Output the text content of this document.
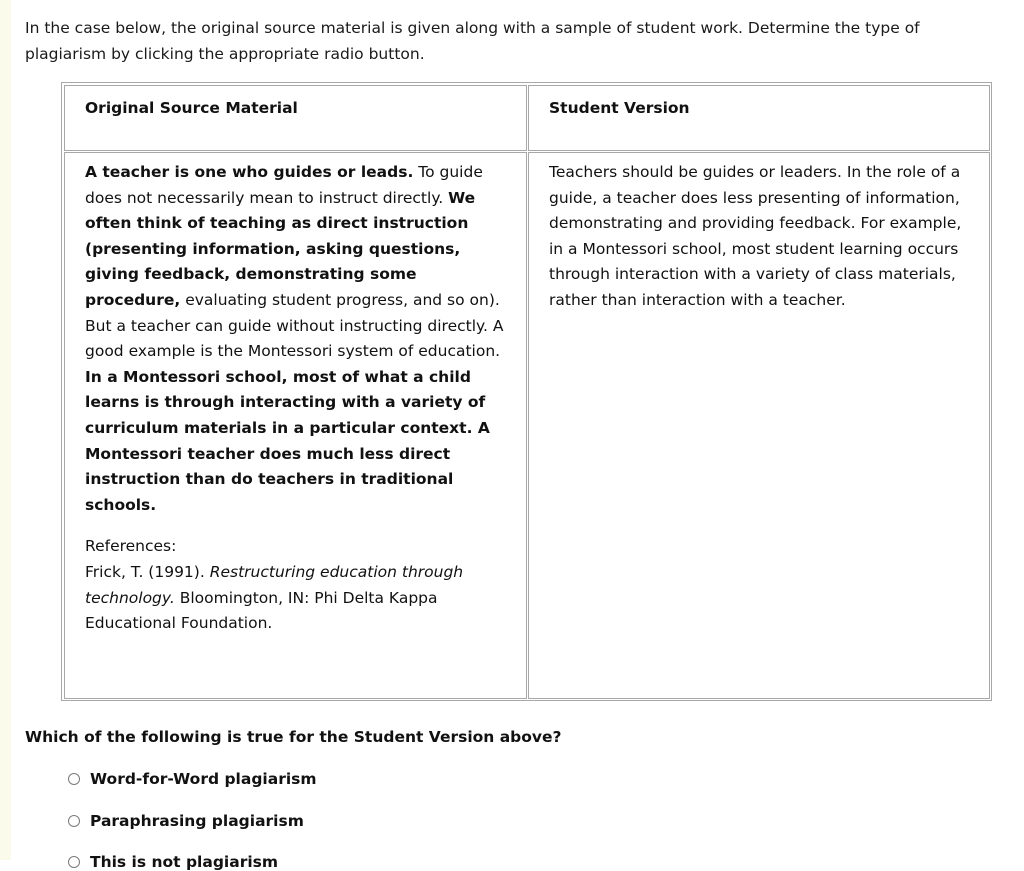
In the case below, the original source material is given along with a sample of student work. Determine the type of plagiarism by clicking the appropriate radio button.
Original Source Material	Student Version
A teacher is one who guides or leads. To guide does not necessarily mean to instruct directly. We often think of teaching as direct instruction (presenting information, asking questions, giving feedback, demonstrating some procedure, evaluating student progress, and so on). But a teacher can guide without instructing directly. A good example is the Montessori system of education. In a Montessori school, most of what a child learns is through interacting with a variety of curriculum materials in a particular context. A Montessori teacher does much less direct instruction than do teachers in traditional schools.
References:
Frick, T. (1991). Restructuring education through technology. Bloomington, IN: Phi Delta Kappa Educational Foundation.
Teachers should be guides or leaders. In the role of a guide, a teacher does less presenting of information, demonstrating and providing feedback. For example, in a Montessori school, most student learning occurs through interaction with a variety of class materials, rather than interaction with a teacher.
Which of the following is true for the Student Version above?
Word-for-Word plagiarism
Paraphrasing plagiarism
This is not plagiarism
